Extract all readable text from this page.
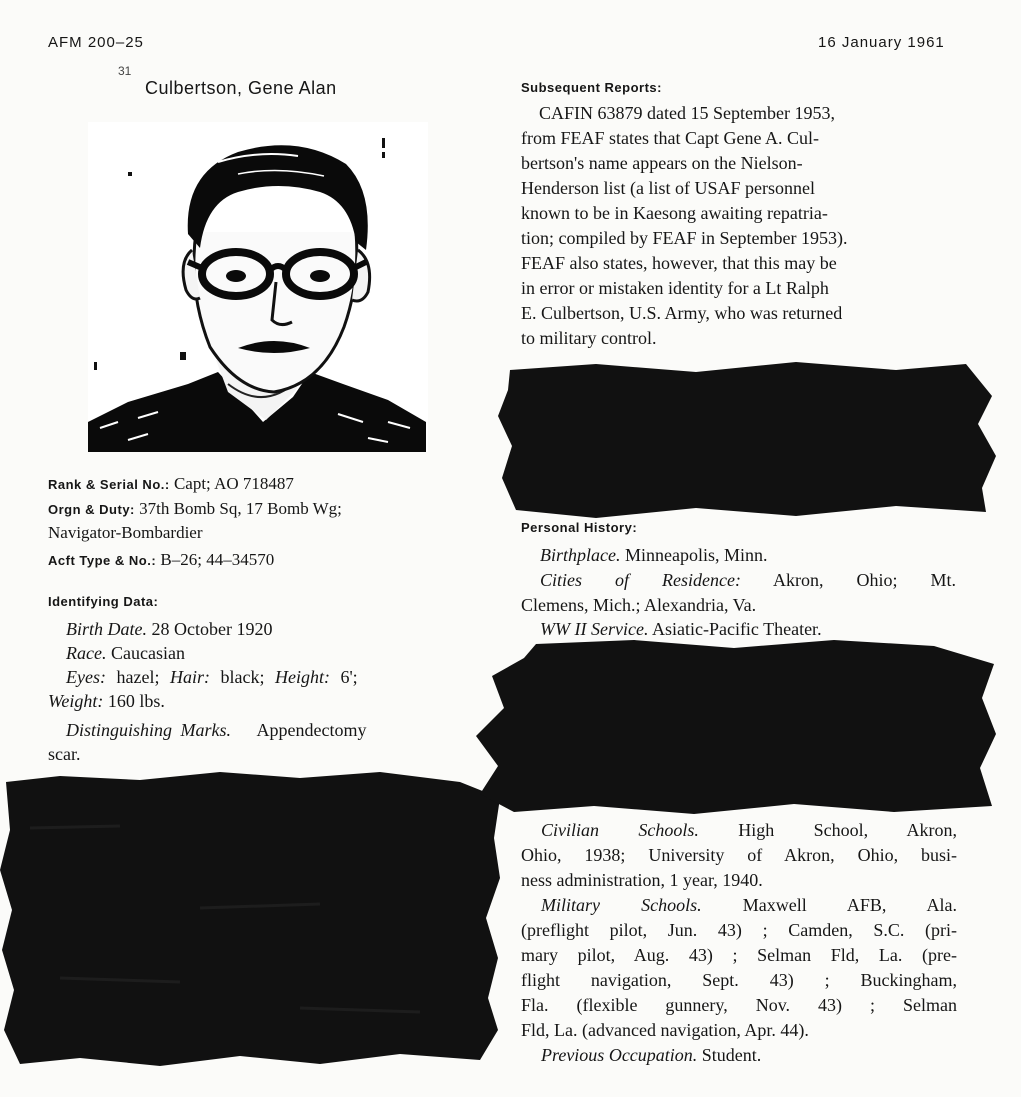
AFM 200–25	16 January 1961
31
Culbertson, Gene Alan
Rank & Serial No.: Capt; AO 718487
Orgn & Duty: 37th Bomb Sq, 17 Bomb Wg;
Navigator-Bombardier
Acft Type & No.: B–26; 44–34570
Identifying Data:
Birth Date. 28 October 1920
Race. Caucasian
Eyes: hazel; Hair: black; Height: 6';
Weight: 160 lbs.
Distinguishing Marks. Appendectomy
scar.
Subsequent Reports:
CAFIN 63879 dated 15 September 1953,
from FEAF states that Capt Gene A. Cul-
bertson's name appears on the Nielson-
Henderson list (a list of USAF personnel
known to be in Kaesong awaiting repatria-
tion; compiled by FEAF in September 1953).
FEAF also states, however, that this may be
in error or mistaken identity for a Lt Ralph
E. Culbertson, U.S. Army, who was returned
to military control.
Personal History:
Birthplace. Minneapolis, Minn.
Cities of Residence: Akron, Ohio; Mt.
Clemens, Mich.; Alexandria, Va.
WW II Service. Asiatic-Pacific Theater.
Civilian Schools. High School, Akron,
Ohio, 1938; University of Akron, Ohio, busi-
ness administration, 1 year, 1940.
Military Schools. Maxwell AFB, Ala.
(preflight pilot, Jun. 43) ; Camden, S.C. (pri-
mary pilot, Aug. 43) ; Selman Fld, La. (pre-
flight navigation, Sept. 43) ; Buckingham,
Fla. (flexible gunnery, Nov. 43) ; Selman
Fld, La. (advanced navigation, Apr. 44).
Previous Occupation. Student.
